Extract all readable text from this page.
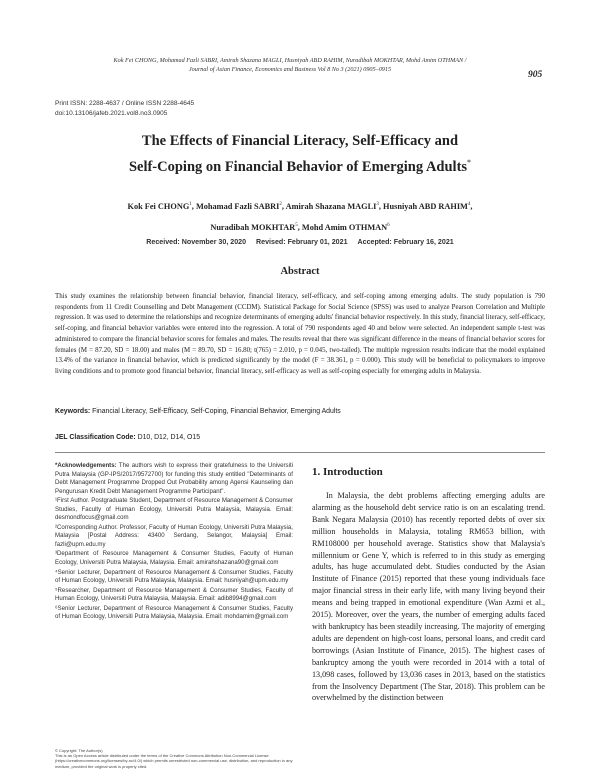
Kok Fei CHONG, Mohamad Fazli SABRI, Amirah Shazana MAGLI, Husniyah ABD RAHIM, Nuradibah MOKHTAR, Mohd Amim OTHMAN /
Journal of Asian Finance, Economics and Business Vol 8 No 3 (2021) 0905–0915
905
Print ISSN: 2288-4637 / Online ISSN 2288-4645
doi:10.13106/jafeb.2021.vol8.no3.0905
The Effects of Financial Literacy, Self-Efficacy and
Self-Coping on Financial Behavior of Emerging Adults*
Kok Fei CHONG$^1$, Mohamad Fazli SABRI$^2$, Amirah Shazana MAGLI$^3$, Husniyah ABD RAHIM$^4$,
Nuradibah MOKHTAR$^5$, Mohd Amim OTHMAN$^6$
Received: November 30, 2020 Revised: February 01, 2021 Accepted: February 16, 2021
Abstract
This study examines the relationship between financial behavior, financial literacy, self-efficacy, and self-coping among emerging adults. The study population is 790 respondents from 11 Credit Counselling and Debt Management (CCDM). Statistical Package for Social Science (SPSS) was used to analyze Pearson Correlation and Multiple regression. It was used to determine the relationships and recognize determinants of emerging adults' financial behavior respectively. In this study, financial literacy, self-efficacy, self-coping, and financial behavior variables were entered into the regression. A total of 790 respondents aged 40 and below were selected. An independent sample t-test was administered to compare the financial behavior scores for females and males. The results reveal that there was significant difference in the means of financial behavior scores for females (M = 87.20, SD = 18.00) and males (M = 89.70, SD = 16.80; t(765) = 2.010, p = 0.045, two-tailed). The multiple regression results indicate that the model explained 13.4% of the variance in financial behavior, which is predicted significantly by the model (F = 38.361, p = 0.000). This study will be beneficial to policymakers to improve living conditions and to promote good financial behavior, financial literacy, self-efficacy as well as self-coping especially for emerging adults in Malaysia.
Keywords: Financial Literacy, Self-Efficacy, Self-Coping, Financial Behavior, Emerging Adults
JEL Classification Code: D10, D12, D14, O15
*Acknowledgements: The authors wish to express their gratefulness to the Universiti Putra Malaysia (GP-IPS/2017/9572700) for funding this study entitled "Determinants of Debt Management Programme Dropped Out Probability among Agensi Kaunseling dan Pengurusan Kredit Debt Management Programme Participant".
¹First Author. Postgraduate Student, Department of Resource Management & Consumer Studies, Faculty of Human Ecology, Universiti Putra Malaysia, Malaysia. Email: desmondfocus@gmail.com
²Corresponding Author. Professor, Faculty of Human Ecology, Universiti Putra Malaysia, Malaysia [Postal Address: 43400 Serdang, Selangor, Malaysia] Email: fazli@upm.edu.my
³Department of Resource Management & Consumer Studies, Faculty of Human Ecology, Universiti Putra Malaysia, Malaysia. Email: amirahshazana90@gmail.com
⁴Senior Lecturer, Department of Resource Management & Consumer Studies, Faculty of Human Ecology, Universiti Putra Malaysia, Malaysia. Email: husniyah@upm.edu.my
⁵Researcher, Department of Resource Management & Consumer Studies, Faculty of Human Ecology, Universiti Putra Malaysia, Malaysia. Email: adib8994@gmail.com
⁶Senior Lecturer, Department of Resource Management & Consumer Studies, Faculty of Human Ecology, Universiti Putra Malaysia, Malaysia. Email: mohdamim@gmail.com
© Copyright: The Author(s)
This is an Open Access article distributed under the terms of the Creative Commons Attribution Non-Commercial License (https://creativecommons.org/licenses/by-nc/4.0/) which permits unrestricted non-commercial use, distribution, and reproduction in any medium, provided the original work is properly cited.
1. Introduction
In Malaysia, the debt problems affecting emerging adults are alarming as the household debt service ratio is on an escalating trend. Bank Negara Malaysia (2010) has recently reported debts of over six million households in Malaysia, totaling RM653 billion, with RM108000 per household average. Statistics show that Malaysia's millennium or Gene Y, which is referred to in this study as emerging adults, has huge accumulated debt. Studies conducted by the Asian Institute of Finance (2015) reported that these young individuals face major financial stress in their early life, with many living beyond their means and being trapped in emotional expenditure (Wan Azmi et al., 2015). Moreover, over the years, the number of emerging adults faced with bankruptcy has been steadily increasing. The majority of emerging adults are dependent on high-cost loans, personal loans, and credit card borrowings (Asian Institute of Finance, 2015). The highest cases of bankruptcy among the youth were recorded in 2014 with a total of 13,098 cases, followed by 13,036 cases in 2013, based on the statistics from the Insolvency Department (The Star, 2018). This problem can be overwhelmed by the distinction between
